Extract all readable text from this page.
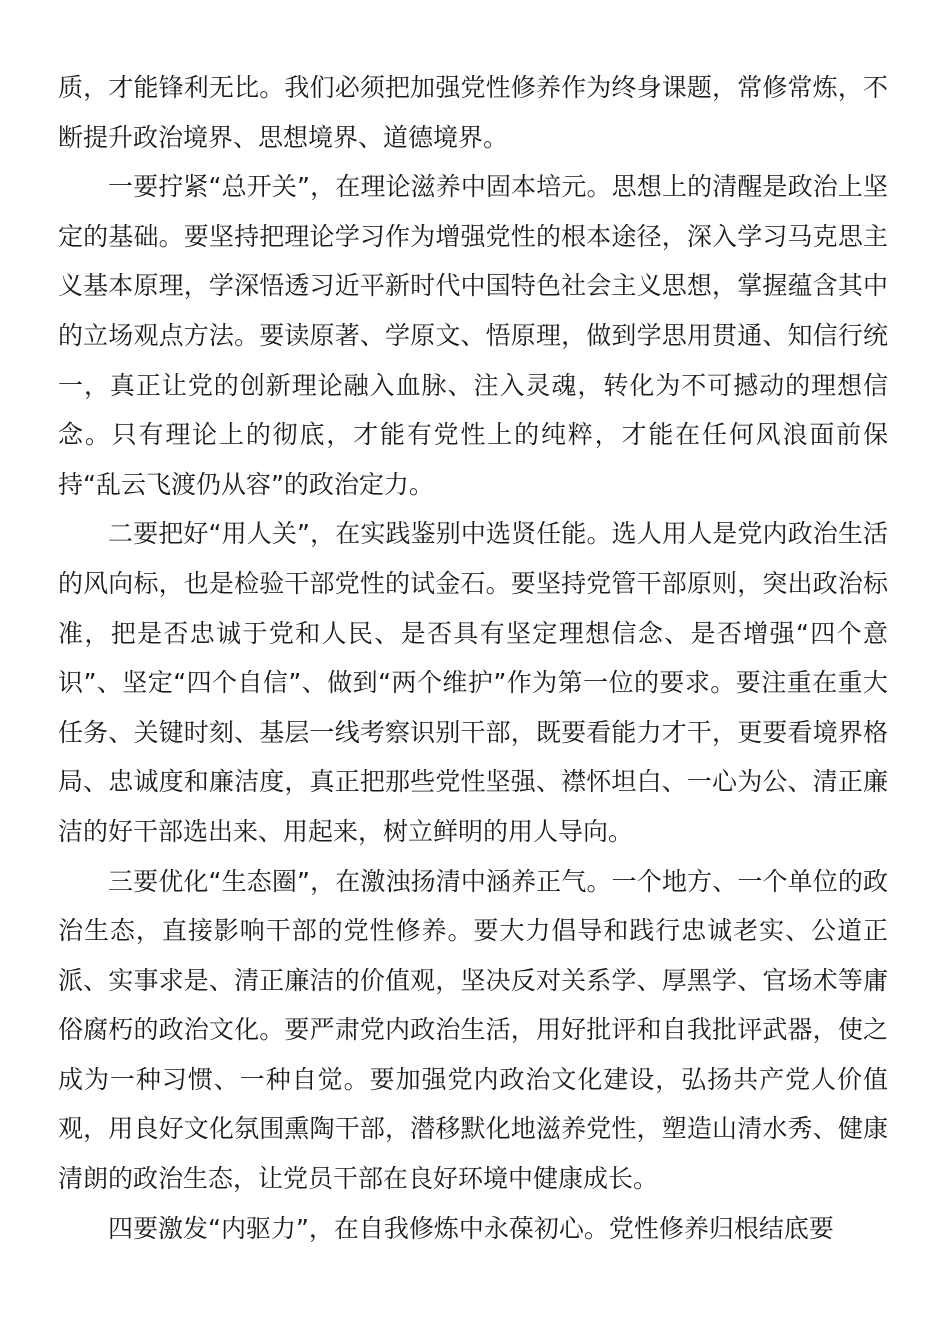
质，才能锋利无比。我们必须把加强党性修养作为终身课题，常修常炼，不断提升政治境界、思想境界、道德境界。

一要拧紧“总开关”，在理论滋养中固本培元。思想上的清醒是政治上坚定的基础。要坚持把理论学习作为增强党性的根本途径，深入学习马克思主义基本原理，学深悟透习近平新时代中国特色社会主义思想，掌握蕴含其中的立场观点方法。要读原著、学原文、悟原理，做到学思用贯通、知信行统一，真正让党的创新理论融入血脉、注入灵魂，转化为不可撼动的理想信念。只有理论上的彻底，才能有党性上的纯粹，才能在任何风浪面前保持“乱云飞渡仍从容”的政治定力。

二要把好“用人关”，在实践鉴别中选贤任能。选人用人是党内政治生活的风向标，也是检验干部党性的试金石。要坚持党管干部原则，突出政治标准，把是否忠诚于党和人民、是否具有坚定理想信念、是否增强“四个意识”、坚定“四个自信”、做到“两个维护”作为第一位的要求。要注重在重大任务、关键时刻、基层一线考察识别干部，既要看能力才干，更要看境界格局、忠诚度和廉洁度，真正把那些党性坚强、襟怀坦白、一心为公、清正廉洁的好干部选出来、用起来，树立鲜明的用人导向。

三要优化“生态圈”，在激浊扬清中涵养正气。一个地方、一个单位的政治生态，直接影响干部的党性修养。要大力倡导和践行忠诚老实、公道正派、实事求是、清正廉洁的价值观，坚决反对关系学、厚黑学、官场术等庸俗腐朽的政治文化。要严肃党内政治生活，用好批评和自我批评武器，使之成为一种习惯、一种自觉。要加强党内政治文化建设，弘扬共产党人价值观，用良好文化氛围熏陶干部，潜移默化地滋养党性，塑造山清水秀、健康清朗的政治生态，让党员干部在良好环境中健康成长。

四要激发“内驱力”，在自我修炼中永葆初心。党性修养归根结底要
